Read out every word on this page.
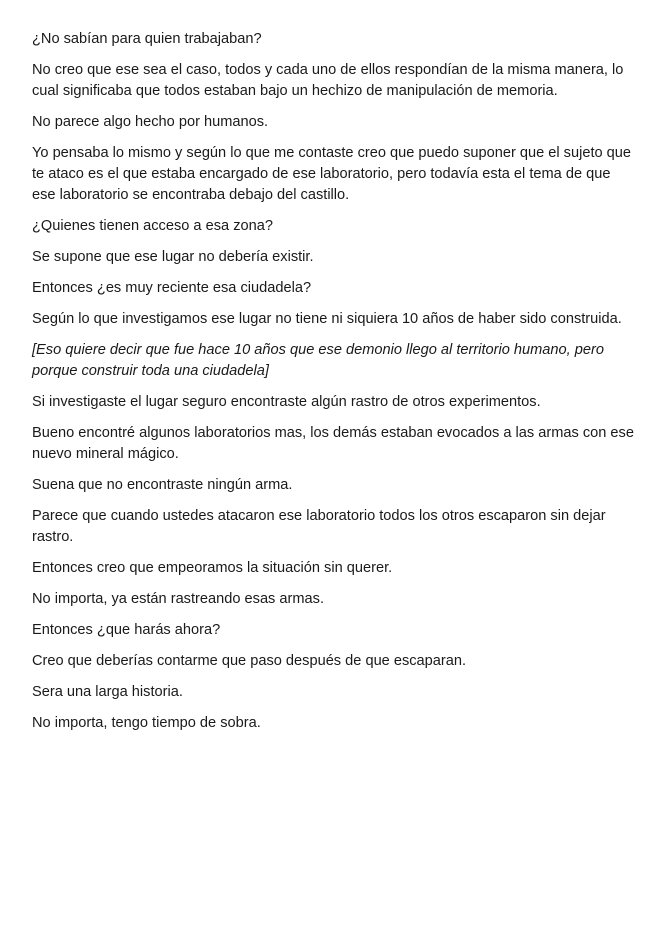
¿No sabían para quien trabajaban?

No creo que ese sea el caso, todos y cada uno de ellos respondían de la misma manera, lo cual significaba que todos estaban bajo un hechizo de manipulación de memoria.

No parece algo hecho por humanos.

Yo pensaba lo mismo y según lo que me contaste creo que puedo suponer que el sujeto que te ataco es el que estaba encargado de ese laboratorio, pero todavía esta el tema de que ese laboratorio se encontraba debajo del castillo.

¿Quienes tienen acceso a esa zona?

Se supone que ese lugar no debería existir.

Entonces ¿es muy reciente esa ciudadela?

Según lo que investigamos ese lugar no tiene ni siquiera 10 años de haber sido construida.

[Eso quiere decir que fue hace 10 años que ese demonio llego al territorio humano, pero porque construir toda una ciudadela]

Si investigaste el lugar seguro encontraste algún rastro de otros experimentos.

Bueno encontré algunos laboratorios mas, los demás estaban evocados a las armas con ese nuevo mineral mágico.

Suena que no encontraste ningún arma.

Parece que cuando ustedes atacaron ese laboratorio todos los otros escaparon sin dejar rastro.

Entonces creo que empeoramos la situación sin querer.

No importa, ya están rastreando esas armas.

Entonces ¿que harás ahora?

Creo que deberías contarme que paso después de que escaparan.

Sera una larga historia.

No importa, tengo tiempo de sobra.
